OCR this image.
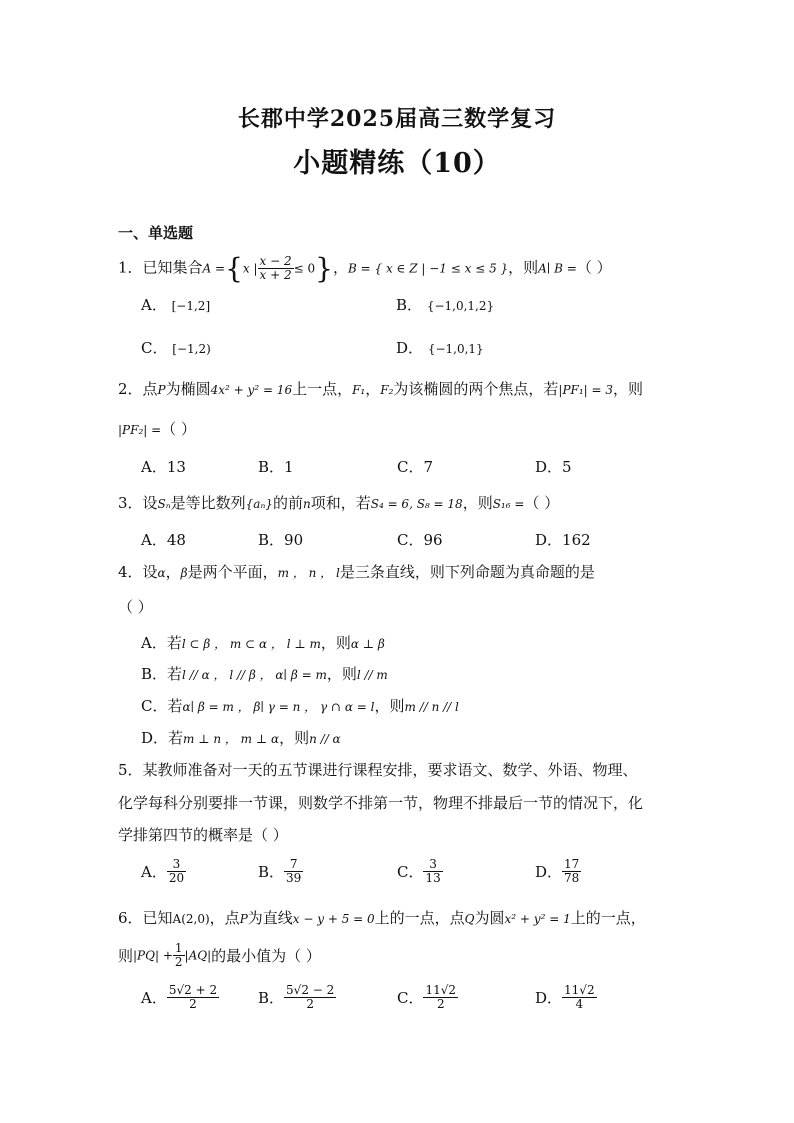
长郡中学2025届高三数学复习
小题精练（10）
一、单选题
1．已知集合A ={x | $\frac{x - 2}{x + 2} \le 0$}，B = { x ∈ Z | −1 ≤ x ≤ 5 }，则A∣ B =（ ）
A． [−1,2]	B． {−1,0,1,2}
C． [−1,2)	D． {−1,0,1}
2．点P为椭圆4x² + y² = 16上一点，F₁，F₂为该椭圆的两个焦点，若|PF₁| = 3，则
|PF₂| =（ ）
A．13	B．1	C．7	D．5
3．设Sₙ是等比数列{aₙ}的前n项和，若S₄ = 6, S₈ = 18，则S₁₆ =（ ）
A．48	B．90	C．96	D．162
4．设α，β是两个平面，m ， n ， l是三条直线，则下列命题为真命题的是
（ ）
A．若l ⊂ β ， m ⊂ α ， l ⊥ m，则α ⊥ β
B．若l // α ， l // β ， α∣ β = m，则l // m
C．若α∣ β = m ， β∣ γ = n ， γ ∩ α = l，则m // n // l
D．若m ⊥ n ， m ⊥ α，则n // α
5．某教师准备对一天的五节课进行课程安排，要求语文、数学、外语、物理、
化学每科分别要排一节课，则数学不排第一节，物理不排最后一节的情况下，化
学排第四节的概率是（ ）
A． $\frac{3}{20}$	B． $\frac{7}{39}$	C． $\frac{3}{13}$	D． $\frac{17}{78}$
6．已知A(2,0)，点P为直线x − y + 5 = 0上的一点，点Q为圆x² + y² = 1上的一点，
则$|PQ| + \frac{1}{2} |AQ|$的最小值为（ ）
A． $\frac{5√2 + 2}{2}$	B． $\frac{5√2 - 2}{2}$	C． $\frac{11√2}{2}$	D． $\frac{11√2}{4}$
